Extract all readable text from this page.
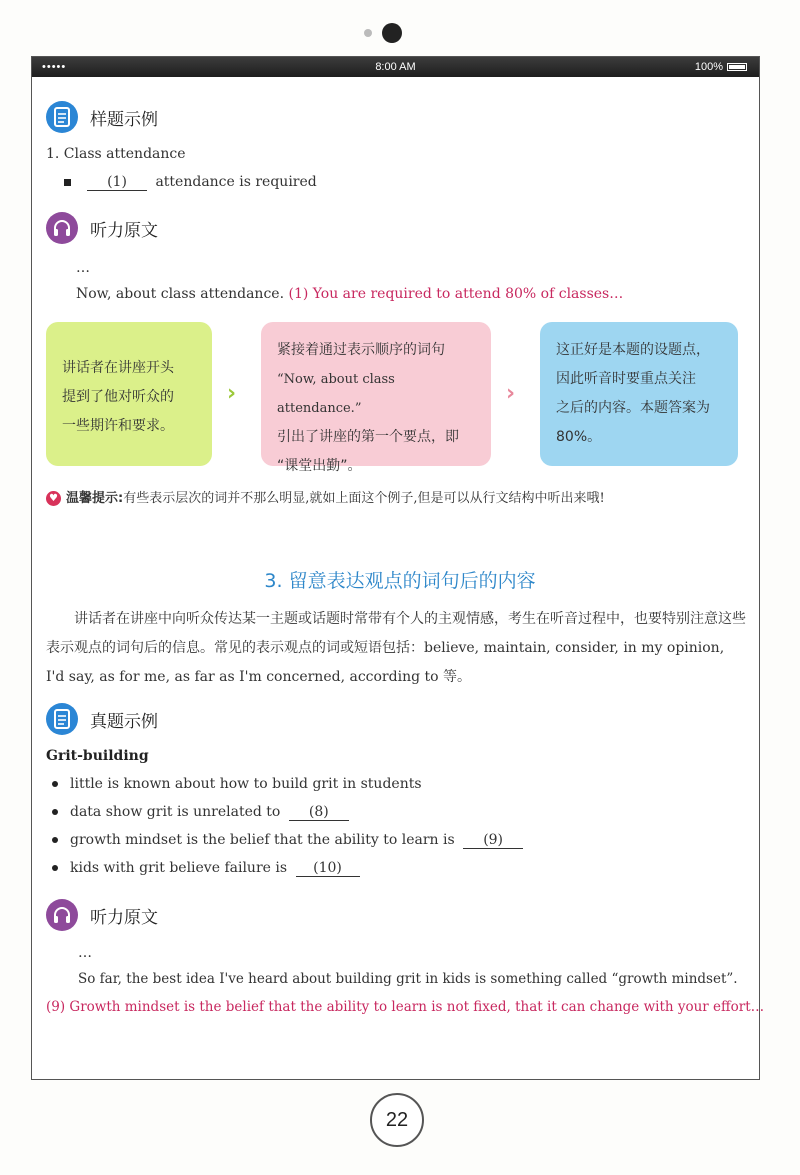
•••••	8:00 AM	100%
样题示例
1. Class attendance
(1) attendance is required
听力原文
…
Now, about class attendance. (1) You are required to attend 80% of classes…
讲话者在讲座开头
提到了他对听众的
一些期许和要求。
›
紧接着通过表示顺序的词句
“Now, about class attendance.”
引出了讲座的第一个要点，即
“课堂出勤”。
›
这正好是本题的设题点，
因此听音时要重点关注
之后的内容。本题答案为
80%。
♥ 温馨提示:有些表示层次的词并不那么明显,就如上面这个例子,但是可以从行文结构中听出来哦!
3. 留意表达观点的词句后的内容
讲话者在讲座中向听众传达某一主题或话题时常带有个人的主观情感，考生在听音过程中，也要特别注意这些表示观点的词句后的信息。常见的表示观点的词或短语包括：believe, maintain, consider, in my opinion, I'd say, as for me, as far as I'm concerned, according to 等。
真题示例
Grit-building
little is known about how to build grit in students
data show grit is unrelated to (8)
growth mindset is the belief that the ability to learn is (9)
kids with grit believe failure is (10)
听力原文
…
So far, the best idea I've heard about building grit in kids is something called “growth mindset”.
(9) Growth mindset is the belief that the ability to learn is not fixed, that it can change with your effort…
22
